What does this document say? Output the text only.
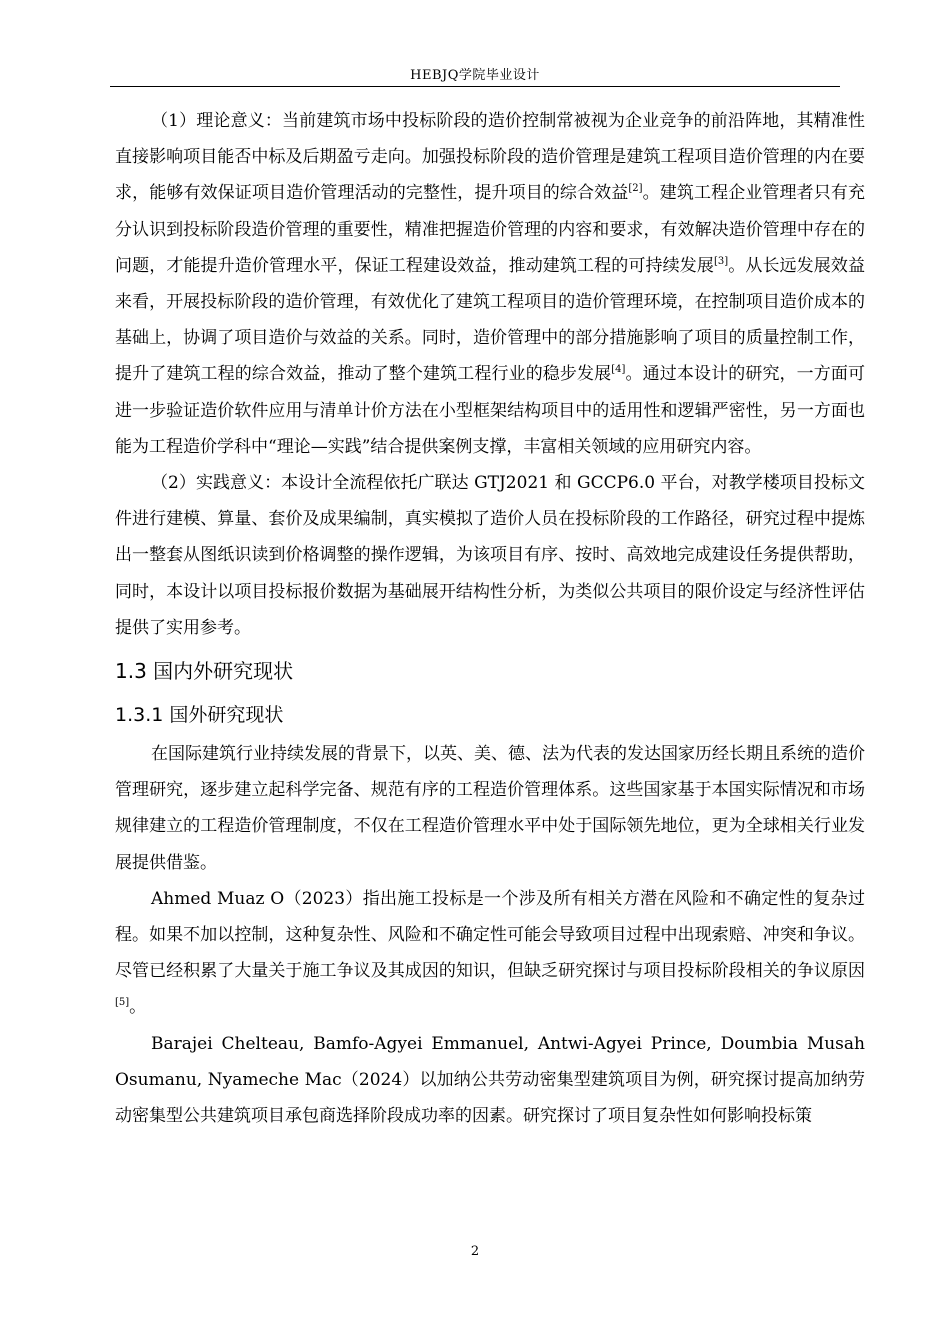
HEBJQ学院毕业设计

（1）理论意义：当前建筑市场中投标阶段的造价控制常被视为企业竞争的前沿阵地，其精准性直接影响项目能否中标及后期盈亏走向。加强投标阶段的造价管理是建筑工程项目造价管理的内在要求，能够有效保证项目造价管理活动的完整性，提升项目的综合效益[2]。建筑工程企业管理者只有充分认识到投标阶段造价管理的重要性，精准把握造价管理的内容和要求，有效解决造价管理中存在的问题，才能提升造价管理水平，保证工程建设效益，推动建筑工程的可持续发展[3]。从长远发展效益来看，开展投标阶段的造价管理，有效优化了建筑工程项目的造价管理环境，在控制项目造价成本的基础上，协调了项目造价与效益的关系。同时，造价管理中的部分措施影响了项目的质量控制工作，提升了建筑工程的综合效益，推动了整个建筑工程行业的稳步发展[4]。通过本设计的研究，一方面可进一步验证造价软件应用与清单计价方法在小型框架结构项目中的适用性和逻辑严密性，另一方面也能为工程造价学科中“理论—实践”结合提供案例支撑，丰富相关领域的应用研究内容。

（2）实践意义：本设计全流程依托广联达 GTJ2021 和 GCCP6.0 平台，对教学楼项目投标文件进行建模、算量、套价及成果编制，真实模拟了造价人员在投标阶段的工作路径，研究过程中提炼出一整套从图纸识读到价格调整的操作逻辑，为该项目有序、按时、高效地完成建设任务提供帮助，同时，本设计以项目投标报价数据为基础展开结构性分析，为类似公共项目的限价设定与经济性评估提供了实用参考。

1.3 国内外研究现状
1.3.1 国外研究现状

在国际建筑行业持续发展的背景下，以英、美、德、法为代表的发达国家历经长期且系统的造价管理研究，逐步建立起科学完备、规范有序的工程造价管理体系。这些国家基于本国实际情况和市场规律建立的工程造价管理制度，不仅在工程造价管理水平中处于国际领先地位，更为全球相关行业发展提供借鉴。

Ahmed Muaz O（2023）指出施工投标是一个涉及所有相关方潜在风险和不确定性的复杂过程。如果不加以控制，这种复杂性、风险和不确定性可能会导致项目过程中出现索赔、冲突和争议。尽管已经积累了大量关于施工争议及其成因的知识，但缺乏研究探讨与项目投标阶段相关的争议原因[5]。

Barajei Chelteau, Bamfo-Agyei Emmanuel, Antwi-Agyei Prince, Doumbia Musah Osumanu, Nyameche Mac（2024）以加纳公共劳动密集型建筑项目为例，研究探讨提高加纳劳动密集型公共建筑项目承包商选择阶段成功率的因素。研究探讨了项目复杂性如何影响投标策

2
